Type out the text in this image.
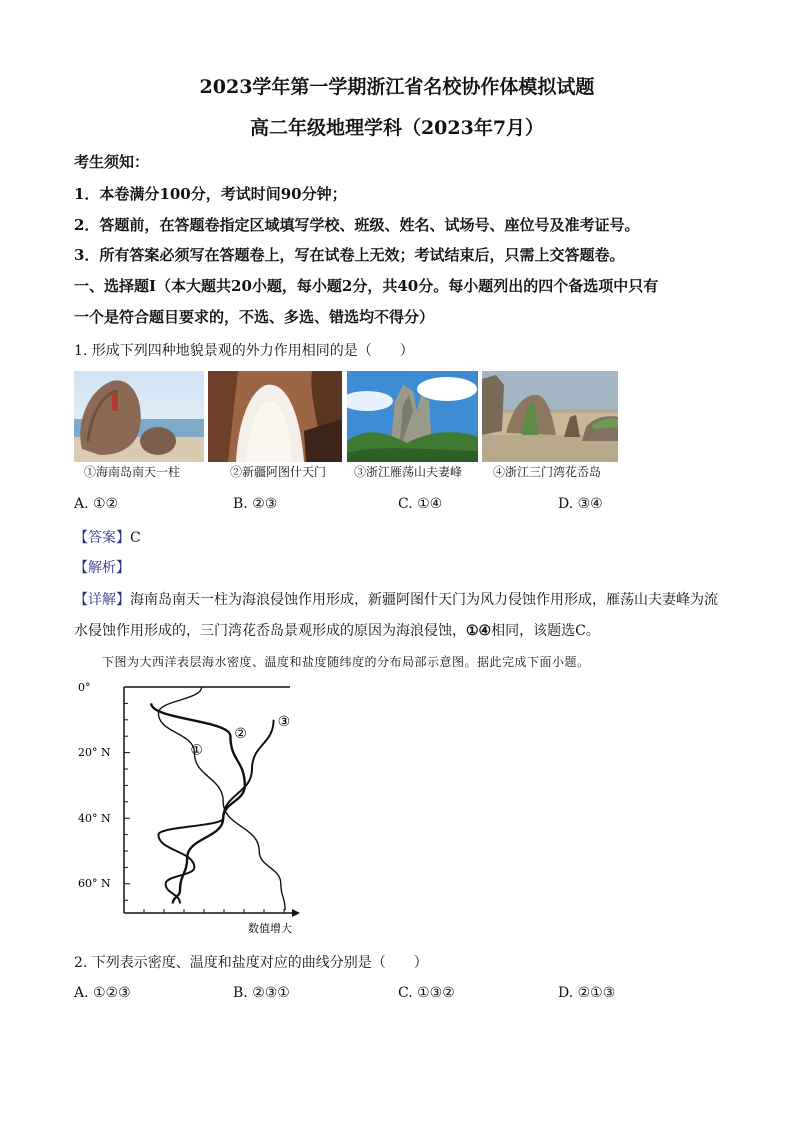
2023学年第一学期浙江省名校协作体模拟试题
高二年级地理学科（2023年7月）
考生须知：
1．本卷满分100分，考试时间90分钟；
2．答题前，在答题卷指定区域填写学校、班级、姓名、试场号、座位号及准考证号。
3．所有答案必须写在答题卷上，写在试卷上无效；考试结束后，只需上交答题卷。
一、选择题Ⅰ（本大题共20小题，每小题2分，共40分。每小题列出的四个备选项中只有
一个是符合题目要求的，不选、多选、错选均不得分）
1. 形成下列四种地貌景观的外力作用相同的是（　　）
①海南岛南天一柱	②新疆阿图什天门 ③浙江雁荡山夫妻峰	④浙江三门湾花岙岛
A. ①②	B. ②③	C. ①④	D. ③④
【答案】C
【解析】
【详解】海南岛南天一柱为海浪侵蚀作用形成，新疆阿图什天门为风力侵蚀作用形成，雁荡山夫妻峰为流
水侵蚀作用形成的，三门湾花岙岛景观形成的原因为海浪侵蚀，①④相同，该题选C。
下图为大西洋表层海水密度、温度和盐度随纬度的分布局部示意图。据此完成下面小题。
0°
20° N
40° N
60° N
数值增大
①
②
③
2. 下列表示密度、温度和盐度对应的曲线分别是（　　）
A. ①②③	B. ②③①	C. ①③②	D. ②①③
